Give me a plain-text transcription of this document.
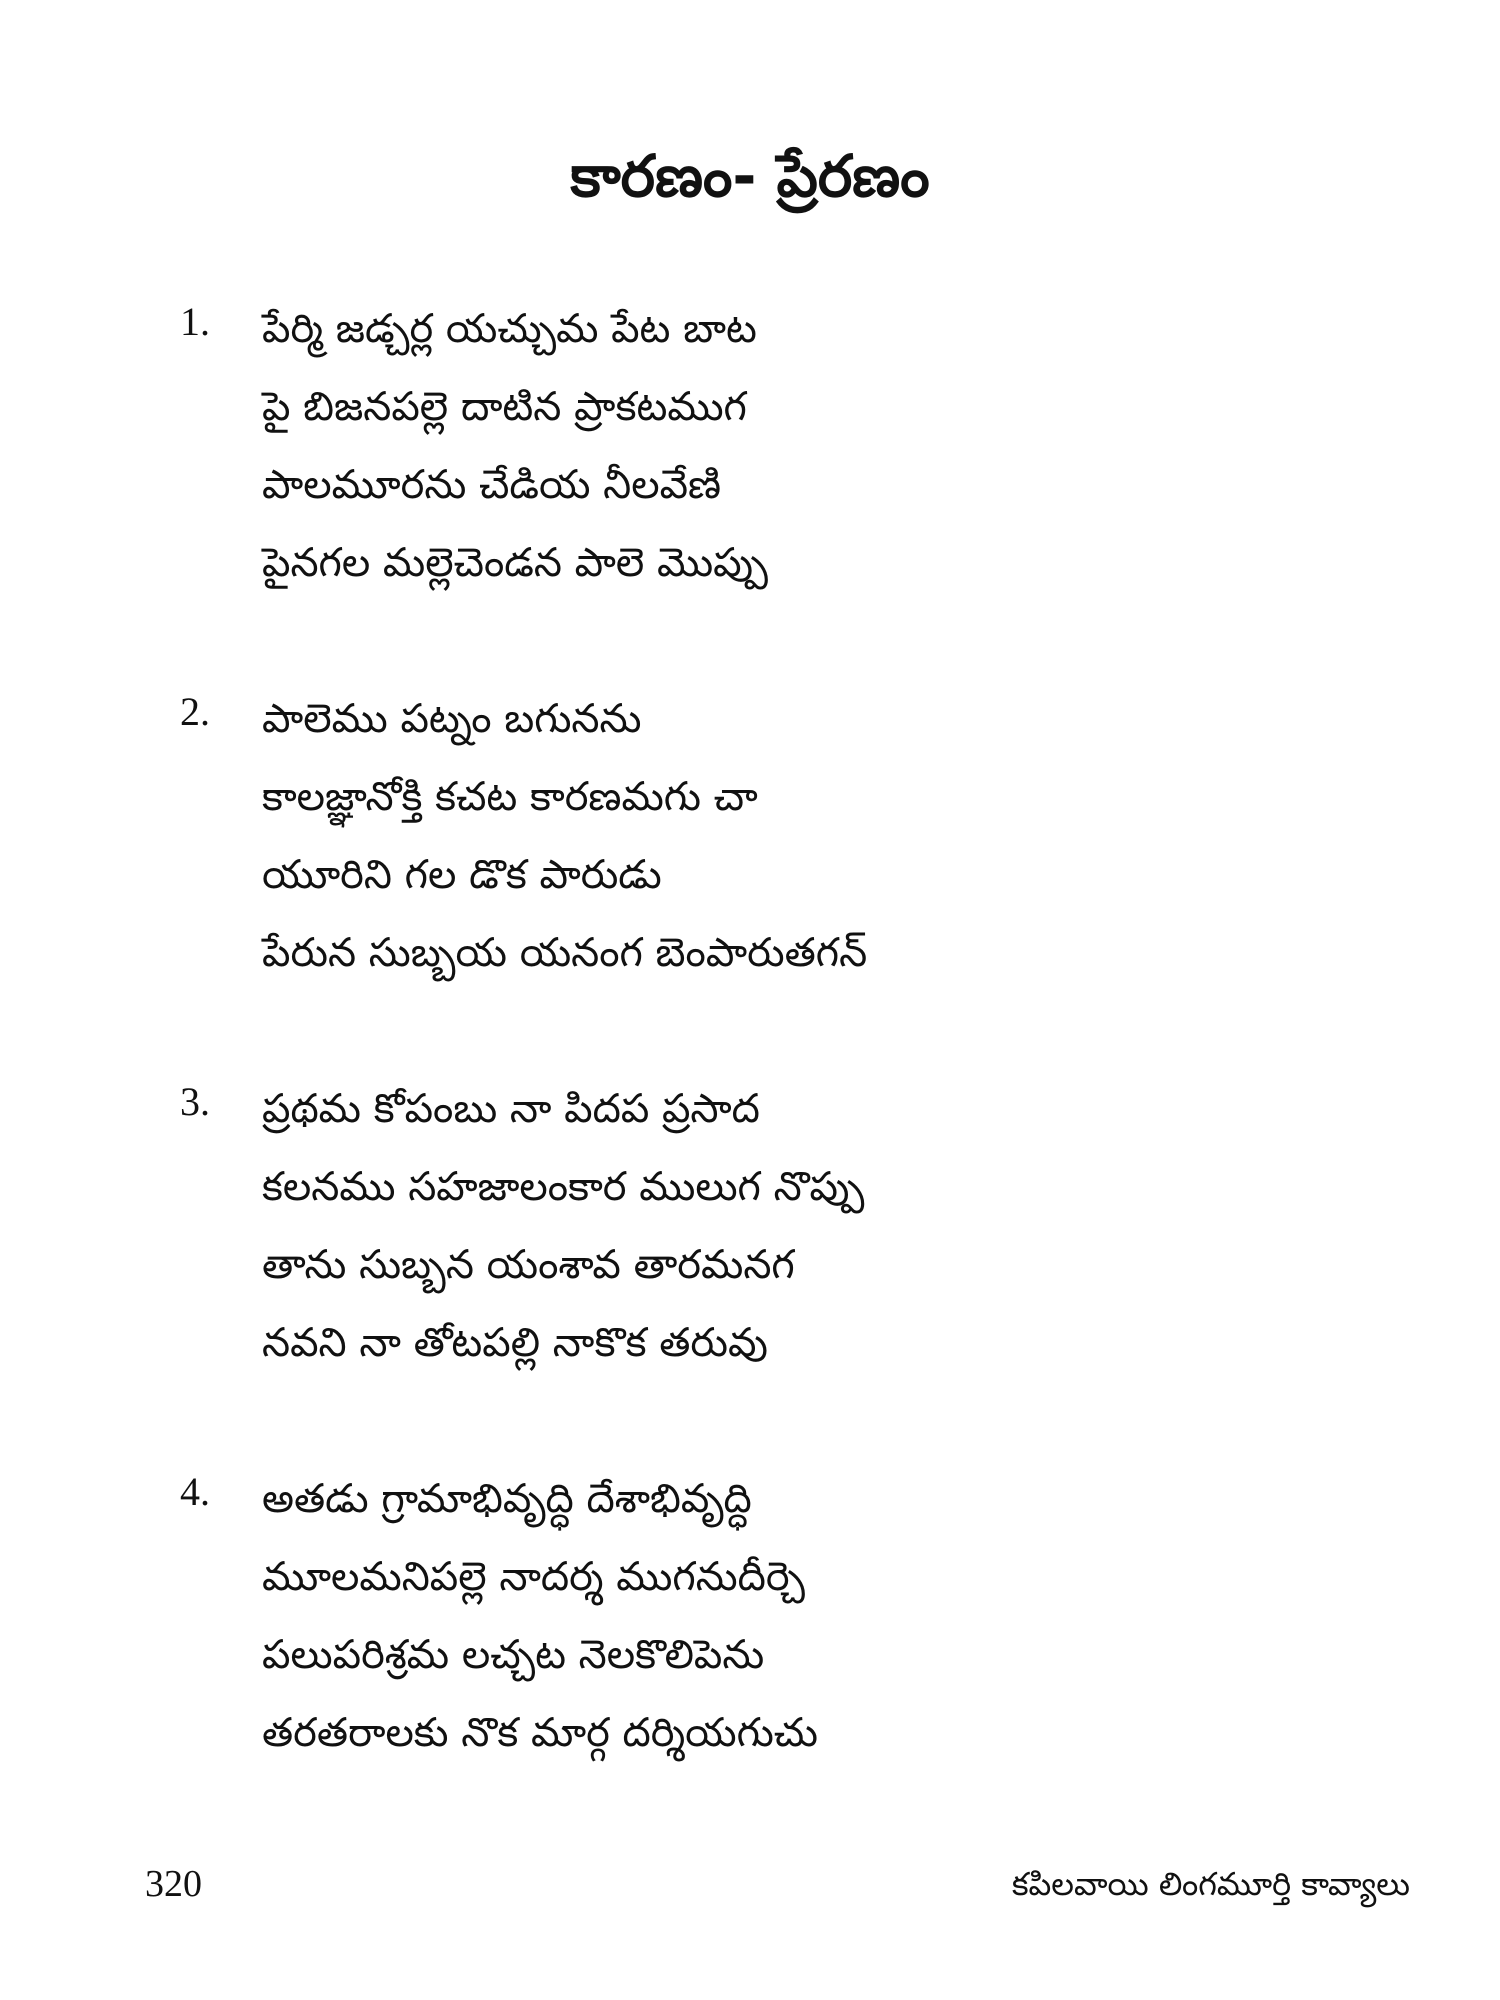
కారణం- ప్రేరణం
1.	పేర్మి జడ్చర్ల యచ్చుమ పేట బాట
పై బిజనపల్లె దాటిన ప్రాకటముగ
పాలమూరను చేడియ నీలవేణి
పైనగల మల్లెచెండన పాలె మొప్పు
2.	పాలెము పట్నం బగునను
కాలజ్ఞానోక్తి కచట కారణమగు చా
యూరిని గల డొక పారుడు
పేరున సుబ్బయ యనంగ బెంపారుతగన్
3.	ప్రథమ కోపంబు నా పిదప ప్రసాద
కలనము సహజాలంకార ములుగ నొప్పు
తాను సుబ్బన యంశావ తారమనగ
నవని నా తోటపల్లి నాకొక తరువు
4.	అతడు గ్రామాభివృద్ధి దేశాభివృద్ధి
మూలమనిపల్లె నాదర్శ ముగనుదీర్చె
పలుపరిశ్రమ లచ్చట నెలకొలిపెను
తరతరాలకు నొక మార్గ దర్శియగుచు
320	కపిలవాయి లింగమూర్తి కావ్యాలు
